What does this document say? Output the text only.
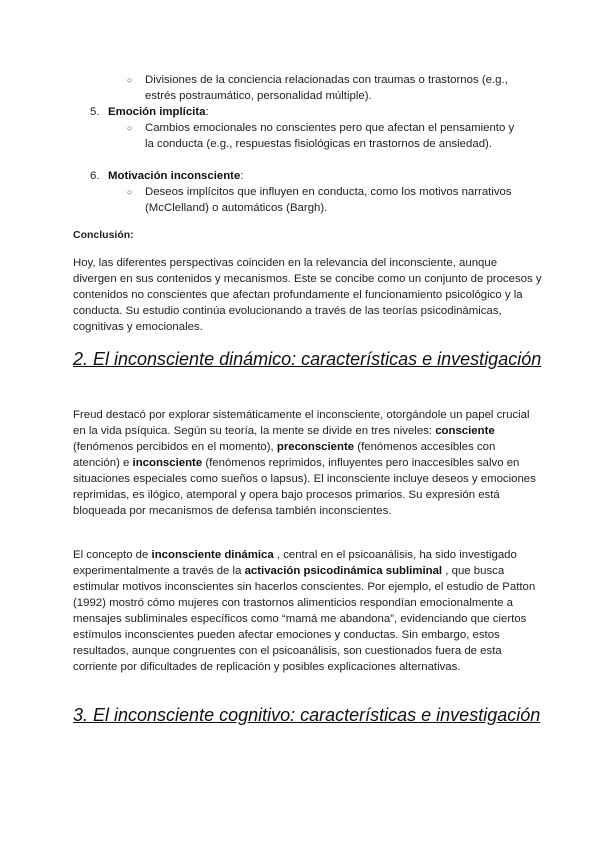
○ Divisiones de la conciencia relacionadas con traumas o trastornos (e.g., estrés postraumático, personalidad múltiple).
5. Emoción implícita:
○ Cambios emocionales no conscientes pero que afectan el pensamiento y la conducta (e.g., respuestas fisiológicas en trastornos de ansiedad).
6. Motivación inconsciente:
○ Deseos implícitos que influyen en conducta, como los motivos narrativos (McClelland) o automáticos (Bargh).
Conclusión:
Hoy, las diferentes perspectivas coinciden en la relevancia del inconsciente, aunque divergen en sus contenidos y mecanismos. Este se concibe como un conjunto de procesos y contenidos no conscientes que afectan profundamente el funcionamiento psicológico y la conducta. Su estudio continúa evolucionando a través de las teorías psicodinámicas, cognitivas y emocionales.
2. El inconsciente dinámico: características e investigación
Freud destacó por explorar sistemáticamente el inconsciente, otorgándole un papel crucial en la vida psíquica. Según su teoría, la mente se divide en tres niveles: consciente (fenómenos percibidos en el momento), preconsciente (fenómenos accesibles con atención) e inconsciente (fenómenos reprimidos, influyentes pero inaccesibles salvo en situaciones especiales como sueños o lapsus). El inconsciente incluye deseos y emociones reprimidas, es ilógico, atemporal y opera bajo procesos primarios. Su expresión está bloqueada por mecanismos de defensa también inconscientes.
El concepto de inconsciente dinámica , central en el psicoanálisis, ha sido investigado experimentalmente a través de la activación psicodinámica subliminal , que busca estimular motivos inconscientes sin hacerlos conscientes. Por ejemplo, el estudio de Patton (1992) mostró cómo mujeres con trastornos alimenticios respondían emocionalmente a mensajes subliminales específicos como “mamá me abandona”, evidenciando que ciertos estímulos inconscientes pueden afectar emociones y conductas. Sin embargo, estos resultados, aunque congruentes con el psicoanálisis, son cuestionados fuera de esta corriente por dificultades de replicación y posibles explicaciones alternativas.
3. El inconsciente cognitivo: características e investigación
